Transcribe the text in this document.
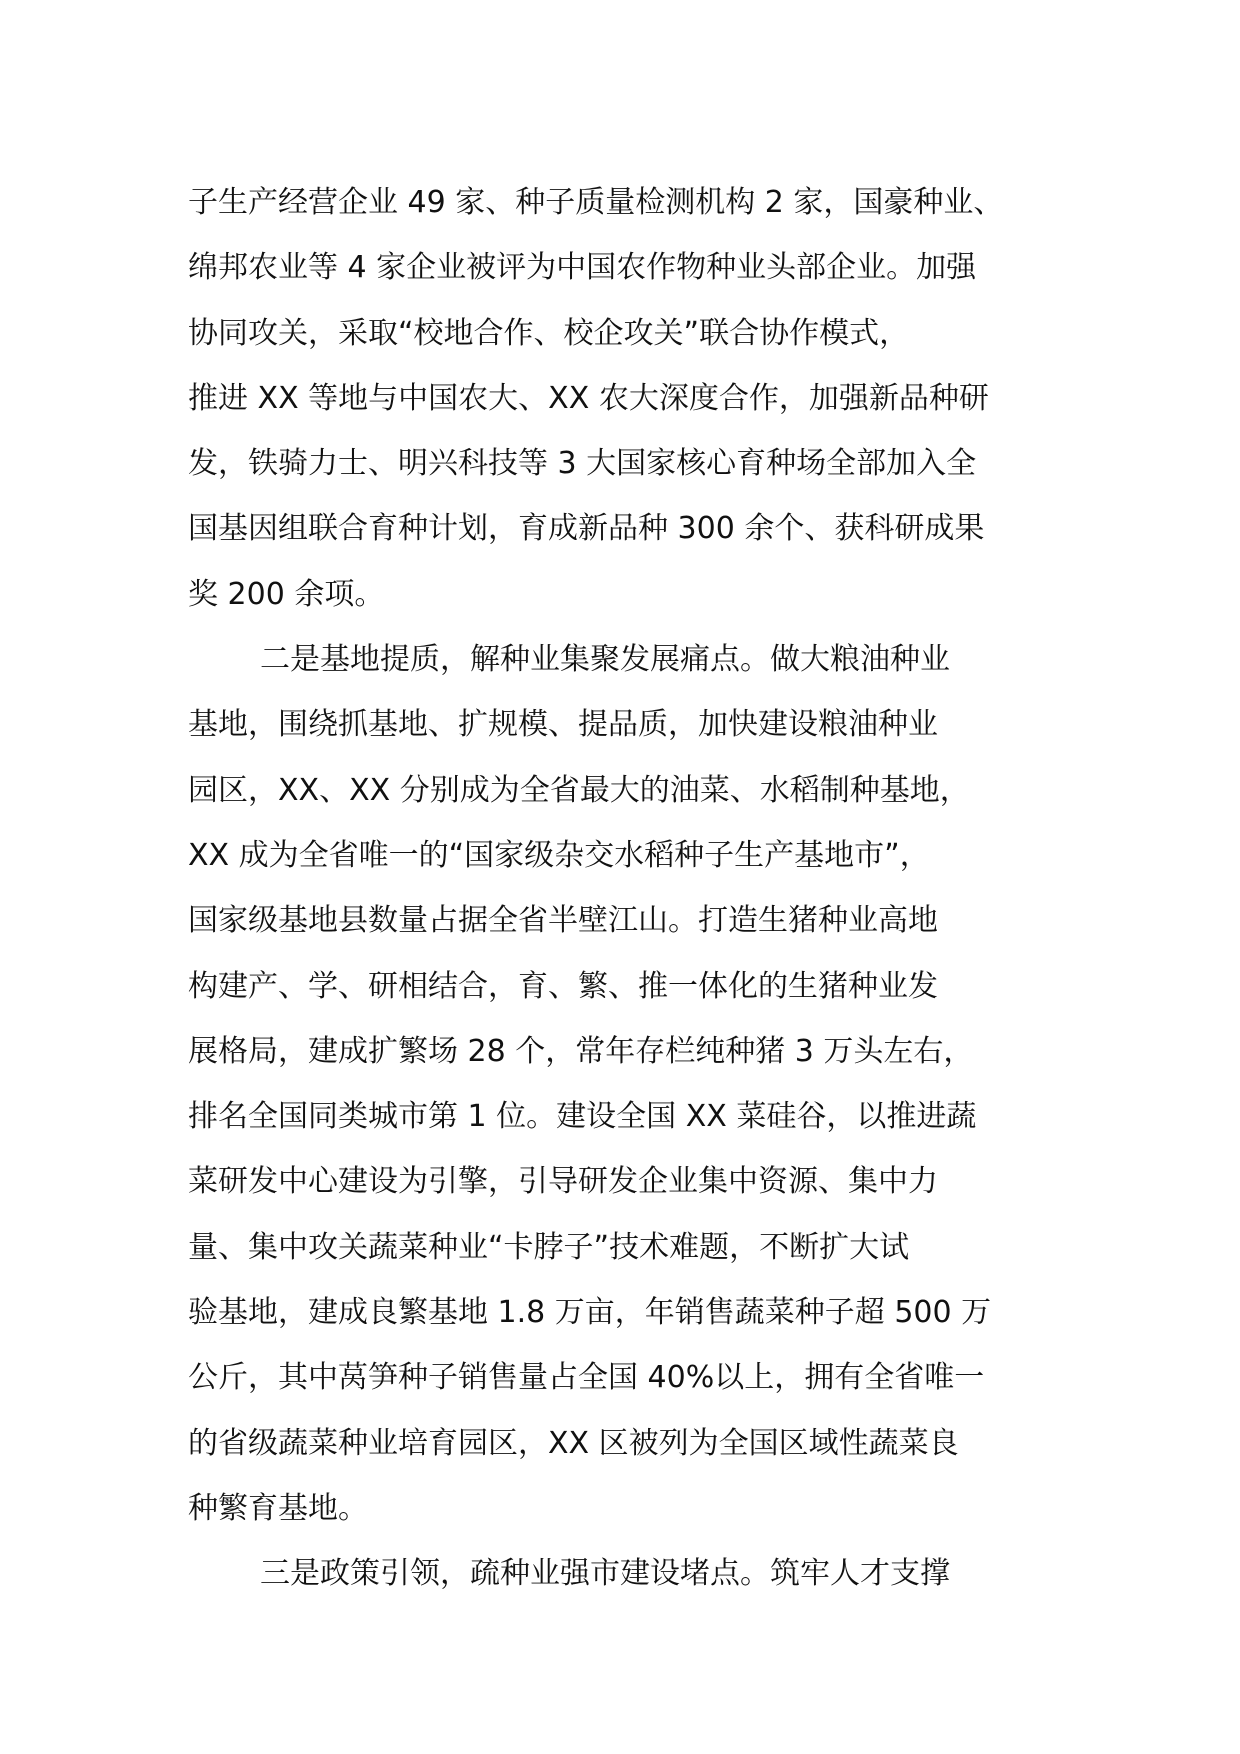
子生产经营企业 49 家、种子质量检测机构 2 家，国豪种业、
绵邦农业等 4 家企业被评为中国农作物种业头部企业。加强
协同攻关，采取“校地合作、校企攻关”联合协作模式，
推进 XX 等地与中国农大、XX 农大深度合作，加强新品种研
发，铁骑力士、明兴科技等 3 大国家核心育种场全部加入全
国基因组联合育种计划，育成新品种 300 余个、获科研成果
奖 200 余项。
二是基地提质，解种业集聚发展痛点。做大粮油种业
基地，围绕抓基地、扩规模、提品质，加快建设粮油种业
园区，XX、XX 分别成为全省最大的油菜、水稻制种基地，
XX 成为全省唯一的“国家级杂交水稻种子生产基地市”，
国家级基地县数量占据全省半壁江山。打造生猪种业高地
构建产、学、研相结合，育、繁、推一体化的生猪种业发
展格局，建成扩繁场 28 个，常年存栏纯种猪 3 万头左右，
排名全国同类城市第 1 位。建设全国 XX 菜硅谷，以推进蔬
菜研发中心建设为引擎，引导研发企业集中资源、集中力
量、集中攻关蔬菜种业“卡脖子”技术难题，不断扩大试
验基地，建成良繁基地 1.8 万亩，年销售蔬菜种子超 500 万
公斤，其中莴笋种子销售量占全国 40%以上，拥有全省唯一
的省级蔬菜种业培育园区，XX 区被列为全国区域性蔬菜良
种繁育基地。
三是政策引领，疏种业强市建设堵点。筑牢人才支撑
